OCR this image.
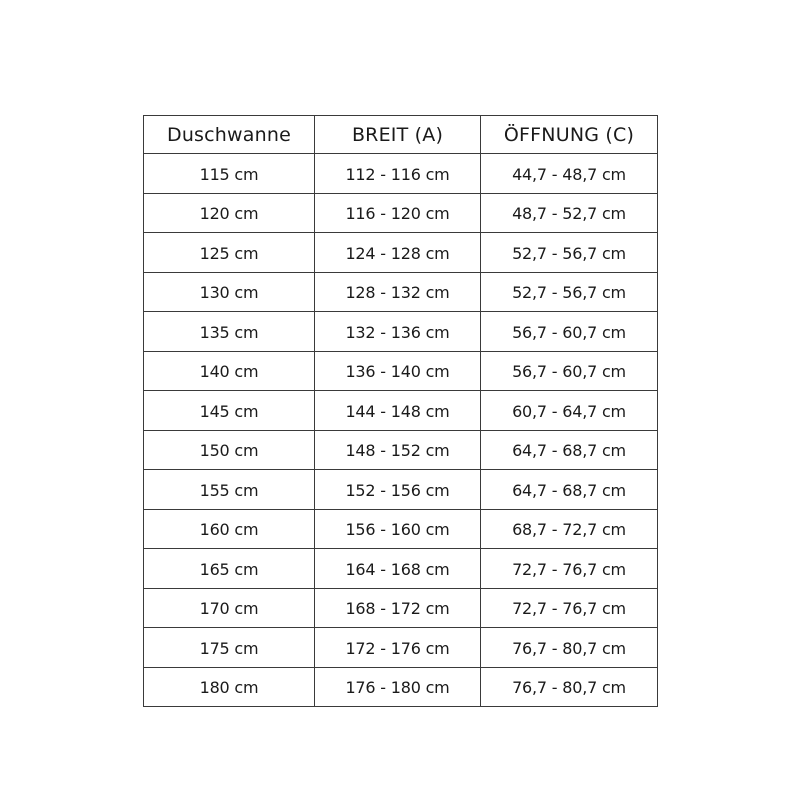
Duschwanne	BREIT (A)	ÖFFNUNG (C)
115 cm	112 - 116 cm	44,7 - 48,7 cm
120 cm	116 - 120 cm	48,7 - 52,7 cm
125 cm	124 - 128 cm	52,7 - 56,7 cm
130 cm	128 - 132 cm	52,7 - 56,7 cm
135 cm	132 - 136 cm	56,7 - 60,7 cm
140 cm	136 - 140 cm	56,7 - 60,7 cm
145 cm	144 - 148 cm	60,7 - 64,7 cm
150 cm	148 - 152 cm	64,7 - 68,7 cm
155 cm	152 - 156 cm	64,7 - 68,7 cm
160 cm	156 - 160 cm	68,7 - 72,7 cm
165 cm	164 - 168 cm	72,7 - 76,7 cm
170 cm	168 - 172 cm	72,7 - 76,7 cm
175 cm	172 - 176 cm	76,7 - 80,7 cm
180 cm	176 - 180 cm	76,7 - 80,7 cm
